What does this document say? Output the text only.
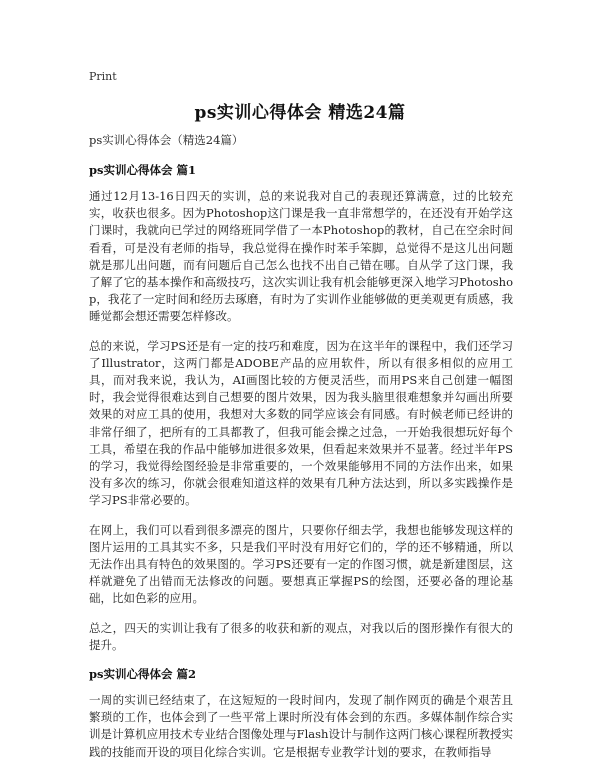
Print
ps实训心得体会 精选24篇
ps实训心得体会（精选24篇）
ps实训心得体会 篇1

通过12月13-16日四天的实训，总的来说我对自己的表现还算满意，过的比较充实，收获也很多。因为Photoshop这门课是我一直非常想学的，在还没有开始学这门课时，我就向已学过的网络班同学借了一本Photoshop的教材，自己在空余时间看看，可是没有老师的指导，我总觉得在操作时苯手笨脚，总觉得不是这儿出问题就是那儿出问题，而有问题后自己怎么也找不出自己错在哪。自从学了这门课，我了解了它的基本操作和高级技巧，这次实训让我有机会能够更深入地学习Photoshop，我花了一定时间和经历去琢磨，有时为了实训作业能够做的更美观更有质感，我睡觉都会想还需要怎样修改。

总的来说，学习PS还是有一定的技巧和难度，因为在这半年的课程中，我们还学习了Illustrator，这两门都是ADOBE产品的应用软件，所以有很多相似的应用工具，而对我来说，我认为，AI画图比较的方便灵活些，而用PS来自己创建一幅图时，我会觉得很难达到自己想要的图片效果，因为我头脑里很难想象并勾画出所要效果的对应工具的使用，我想对大多数的同学应该会有同感。有时候老师已经讲的非常仔细了，把所有的工具都教了，但我可能会操之过急，一开始我很想玩好每个工具，希望在我的作品中能够加进很多效果，但看起来效果并不显著。经过半年PS的学习，我觉得绘图经验是非常重要的，一个效果能够用不同的方法作出来，如果没有多次的练习，你就会很难知道这样的效果有几种方法达到，所以多实践操作是学习PS非常必要的。

在网上，我们可以看到很多漂亮的图片，只要你仔细去学，我想也能够发现这样的图片运用的工具其实不多，只是我们平时没有用好它们的，学的还不够精通，所以无法作出具有特色的效果图的。学习PS还要有一定的作图习惯，就是新建图层，这样就避免了出错而无法修改的问题。要想真正掌握PS的绘图，还要必备的理论基础，比如色彩的应用。

总之，四天的实训让我有了很多的收获和新的观点，对我以后的图形操作有很大的提升。

ps实训心得体会 篇2

一周的实训已经结束了，在这短短的一段时间内，发现了制作网页的确是个艰苦且繁琐的工作，也体会到了一些平常上课时所没有体会到的东西。多媒体制作综合实训是计算机应用技术专业结合图像处理与Flash设计与制作这两门核心课程所教授实践的技能而开设的项目化综合实训。它是根据专业教学计划的要求，在教师指导
